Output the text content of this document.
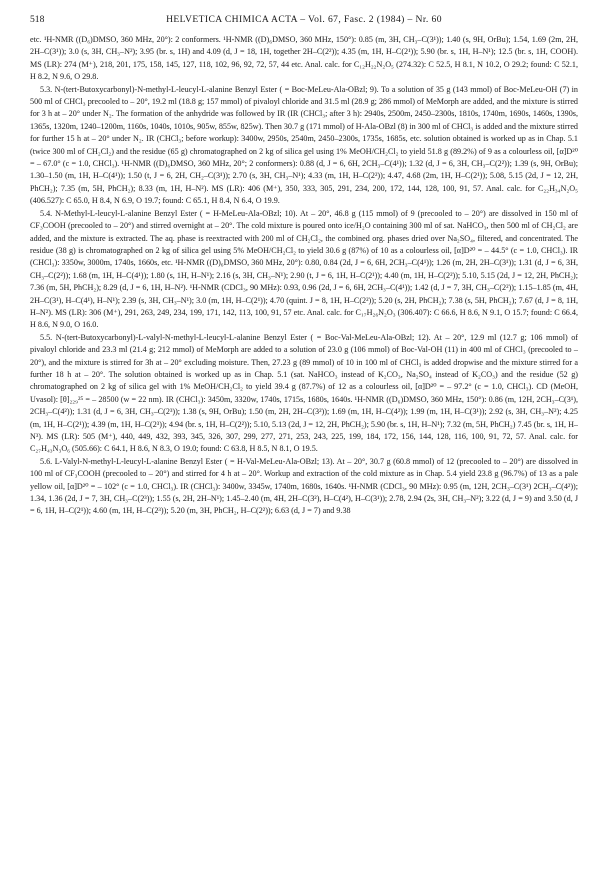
518	HELVETICA CHIMICA ACTA – Vol. 67, Fasc. 2 (1984) – Nr. 60

etc. ¹H-NMR ((D₆)DMSO, 360 MHz, 20°): 2 conformers. ¹H-NMR ((D)₆DMSO, 360 MHz, 150°): 0.85 (m, 3H, CH₃–C(3¹)); 1.40 (s, 9H, OrBu); 1.54, 1.69 (2m, 2H, 2H–C(3¹)); 3.0 (s, 3H, CH₃–N²); 3.95 (br. s, 1H) and 4.09 (d, J = 18, 1H, together 2H–C(2²)); 4.35 (m, 1H, H–C(2¹)); 5.90 (br. s, 1H, H–N¹); 12.5 (br. s, 1H, COOH). MS (LR): 274 (M⁺), 218, 201, 175, 158, 145, 127, 118, 102, 96, 92, 72, 57, 44 etc. Anal. calc. for C₁₂H₂₂N₂O₅ (274.32): C 52.5, H 8.1, N 10.2, O 29.2; found: C 52.1, H 8.2, N 9.6, O 29.8.

5.3. N-(tert-Butoxycarbonyl)-N-methyl-L-leucyl-L-alanine Benzyl Ester ( = Boc-MeLeu-Ala-OBzl; 9). To a solution of 35 g (143 mmol) of Boc-MeLeu-OH (7) in 500 ml of CHCl₃ precooled to – 20°, 19.2 ml (18.8 g; 157 mmol) of pivaloyl chloride and 31.5 ml (28.9 g; 286 mmol) of MeMorph are added, and the mixture is stirred for 3 h at – 20° under N₂. The formation of the anhydride was followed by IR (IR (CHCl₃; after 3 h): 2940s, 2500m, 2450–2300s, 1810s, 1740m, 1690s, 1460s, 1390s, 1365s, 1320m, 1240–1200m, 1160s, 1040s, 1010s, 905w, 855w, 825w). Then 30.7 g (171 mmol) of H-Ala-OBzl (8) in 300 ml of CHCl₃ is added and the mixture stirred for further 15 h at – 20° under N₂. IR (CHCl₃; before workup): 3400w, 2950s, 2540m, 2450–2300s, 1735s, 1685s, etc. solution obtained is worked up as in Chap. 5.1 (twice 300 ml of CH₂Cl₂) and the residue (65 g) chromatographed on 2 kg of silica gel using 1% MeOH/CH₂Cl₂ to yield 51.8 g (89.2%) of 9 as a colourless oil, [α]D²⁰ = – 67.0° (c = 1.0, CHCl₃). ¹H-NMR ((D)₆DMSO, 360 MHz, 20°; 2 conformers): 0.88 (d, J = 6, 6H, 2CH₃–C(4¹)); 1.32 (d, J = 6, 3H, CH₃–C(2²)); 1.39 (s, 9H, OrBu); 1.30–1.50 (m, 1H, H–C(4¹)); 1.50 (t, J = 6, 2H, CH₂–C(3¹)); 2.70 (s, 3H, CH₃–N¹); 4.33 (m, 1H, H–C(2²)); 4.47, 4.68 (2m, 1H, H–C(2¹)); 5.08, 5.15 (2d, J = 12, 2H, PhCH₂); 7.35 (m, 5H, PhCH₂); 8.33 (m, 1H, H–N²). MS (LR): 406 (M⁺), 350, 333, 305, 291, 234, 200, 172, 144, 128, 100, 91, 57. Anal. calc. for C₂₂H₃₄N₂O₅ (406.527): C 65.0, H 8.4, N 6.9, O 19.7; found: C 65.1, H 8.4, N 6.4, O 19.9.

5.4. N-Methyl-L-leucyl-L-alanine Benzyl Ester ( = H-MeLeu-Ala-OBzl; 10). At – 20°, 46.8 g (115 mmol) of 9 (precooled to – 20°) are dissolved in 150 ml of CF₃COOH (precooled to – 20°) and stirred overnight at – 20°. The cold mixture is poured onto ice/H₂O containing 300 ml of sat. NaHCO₃, then 500 ml of CH₂Cl₂ are added, and the mixture is extracted. The aq. phase is reextracted with 200 ml of CH₂Cl₂, the combined org. phases dried over Na₂SO₄, filtered, and concentrated. The residue (38 g) is chromatographed on 2 kg of silica gel using 5% MeOH/CH₂Cl₂ to yield 30.6 g (87%) of 10 as a colourless oil, [α]D²⁰ = – 44.5° (c = 1.0, CHCl₃). IR (CHCl₃): 3350w, 3000m, 1740s, 1660s, etc. ¹H-NMR ((D)₆DMSO, 360 MHz, 20°): 0.80, 0.84 (2d, J = 6, 6H, 2CH₃–C(4¹)); 1.26 (m, 2H, 2H–C(3¹)); 1.31 (d, J = 6, 3H, CH₃–C(2²)); 1.68 (m, 1H, H–C(4¹)); 1.80 (s, 1H, H–N¹); 2.16 (s, 3H, CH₃–N¹); 2.90 (t, J = 6, 1H, H–C(2¹)); 4.40 (m, 1H, H–C(2²)); 5.10, 5.15 (2d, J = 12, 2H, PhCH₂); 7.36 (m, 5H, PhCH₂); 8.29 (d, J = 6, 1H, H–N²). ¹H-NMR (CDCl₃, 90 MHz): 0.93, 0.96 (2d, J = 6, 6H, 2CH₃–C(4¹)); 1.42 (d, J = 7, 3H, CH₃–C(2²)); 1.15–1.85 (m, 4H, 2H–C(3¹), H–C(4¹), H–N¹); 2.39 (s, 3H, CH₃–N¹); 3.0 (m, 1H, H–C(2¹)); 4.70 (quint. J = 8, 1H, H–C(2²)); 5.20 (s, 2H, PhCH₂); 7.38 (s, 5H, PhCH₂); 7.67 (d, J = 8, 1H, H–N²). MS (LR): 306 (M⁺), 291, 263, 249, 234, 199, 171, 142, 113, 100, 91, 57 etc. Anal. calc. for C₁₇H₂₆N₂O₃ (306.407): C 66.6, H 8.6, N 9.1, O 15.7; found: C 66.4, H 8.6, N 9.0, O 16.0.

5.5. N-(tert-Butoxycarbonyl)-L-valyl-N-methyl-L-leucyl-L-alanine Benzyl Ester ( = Boc-Val-MeLeu-Ala-OBzl; 12). At – 20°, 12.9 ml (12.7 g; 106 mmol) of pivaloyl chloride and 23.3 ml (21.4 g; 212 mmol) of MeMorph are added to a solution of 23.0 g (106 mmol) of Boc-Val-OH (11) in 400 ml of CHCl₃ (precooled to – 20°), and the mixture is stirred for 3h at – 20° excluding moisture. Then, 27.23 g (89 mmol) of 10 in 100 ml of CHCl₃ is added dropwise and the mixture stirred for a further 18 h at – 20°. The solution obtained is worked up as in Chap. 5.1 (sat. NaHCO₃ instead of K₂CO₃, Na₂SO₄ instead of K₂CO₃) and the residue (52 g) chromatographed on 2 kg of silica gel with 1% MeOH/CH₂Cl₂ to yield 39.4 g (87.7%) of 12 as a colourless oil, [α]D²⁰ = – 97.2° (c = 1.0, CHCl₃). CD (MeOH, Uvasol): [θ]₂₂₉²⁵ = – 28500 (w = 22 nm). IR (CHCl₃): 3450m, 3320w, 1740s, 1715s, 1680s, 1640s. ¹H-NMR ((D₆)DMSO, 360 MHz, 150°): 0.86 (m, 12H, 2CH₃–C(3¹), 2CH₃–C(4²)); 1.31 (d, J = 6, 3H, CH₃–C(2³)); 1.38 (s, 9H, OrBu); 1.50 (m, 2H, 2H–C(3²)); 1.69 (m, 1H, H–C(4²)); 1.99 (m, 1H, H–C(3¹)); 2.92 (s, 3H, CH₃–N²); 4.25 (m, 1H, H–C(2¹)); 4.39 (m, 1H, H–C(2³)); 4.94 (br. s, 1H, H–C(2²)); 5.10, 5.13 (2d, J = 12, 2H, PhCH₂); 5.90 (br. s, 1H, H–N¹); 7.32 (m, 5H, PhCH₂) 7.45 (br. s, 1H, H–N³). MS (LR): 505 (M⁺), 440, 449, 432, 393, 345, 326, 307, 299, 277, 271, 253, 243, 225, 199, 184, 172, 156, 144, 128, 116, 100, 91, 72, 57. Anal. calc. for C₂₇H₄₃N₃O₆ (505.66): C 64.1, H 8.6, N 8.3, O 19.0; found: C 63.8, H 8.5, N 8.1, O 19.5.

5.6. L-Valyl-N-methyl-L-leucyl-L-alanine Benzyl Ester ( = H-Val-MeLeu-Ala-OBzl; 13). At – 20°, 30.7 g (60.8 mmol) of 12 (precooled to – 20°) are dissolved in 100 ml of CF₃COOH (precooled to – 20°) and stirred for 4 h at – 20°. Workup and extraction of the cold mixture as in Chap. 5.4 yield 23.8 g (96.7%) of 13 as a pale yellow oil, [α]D²⁰ = – 102° (c = 1.0, CHCl₃). IR (CHCl₃): 3400w, 3345w, 1740m, 1680s, 1640s. ¹H-NMR (CDCl₃, 90 MHz): 0.95 (m, 12H, 2CH₃–C(3¹) 2CH₃–C(4²)); 1.34, 1.36 (2d, J = 7, 3H, CH₃–C(2³)); 1.55 (s, 2H, 2H–N¹); 1.45–2.40 (m, 4H, 2H–C(3²), H–C(4²), H–C(3¹)); 2.78, 2.94 (2s, 3H, CH₃–N²); 3.22 (d, J = 9) and 3.50 (d, J = 6, 1H, H–C(2¹)); 4.60 (m, 1H, H–C(2³)); 5.20 (m, 3H, PhCH₂, H–C(2²)); 6.63 (d, J = 7) and 9.38
